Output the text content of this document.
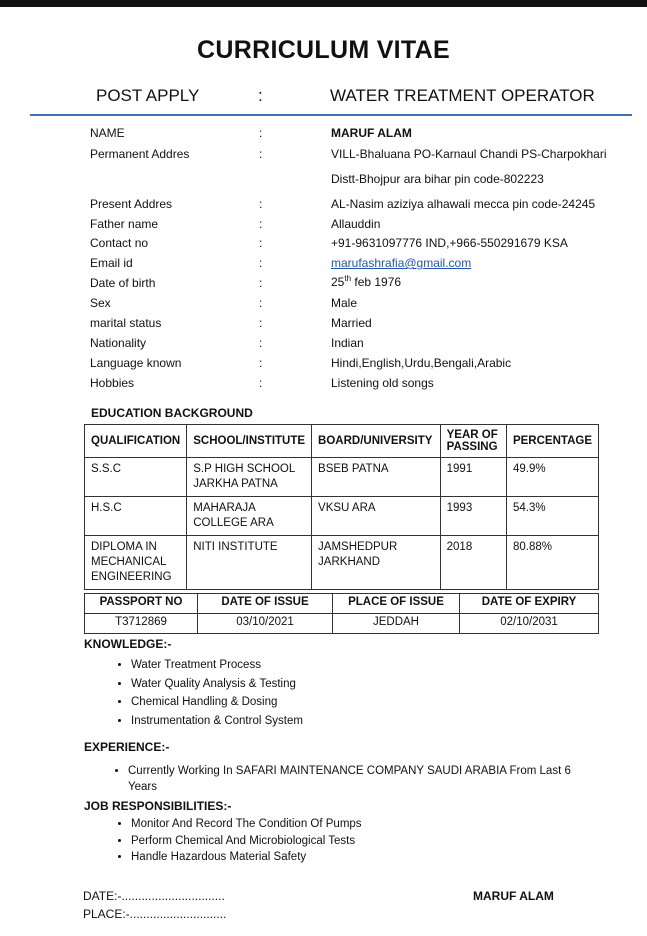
CURRICULUM VITAE
POST APPLY	:	WATER TREATMENT OPERATOR
NAME	:	MARUF ALAM
Permanent Addres	:	VILL-Bhaluana PO-Karnaul Chandi PS-Charpokhari
Distt-Bhojpur ara bihar pin code-802223
Present Addres	:	AL-Nasim aziziya alhawali mecca pin code-24245
Father name	:	Allauddin
Contact no	:	+91-9631097776 IND,+966-550291679 KSA
Email id	:	marufashrafia@gmail.com
Date of birth	:	25th feb 1976
Sex	:	Male
marital status	:	Married
Nationality	:	Indian
Language known	:	Hindi,English,Urdu,Bengali,Arabic
Hobbies	:	Listening old songs
EDUCATION BACKGROUND
QUALIFICATION	SCHOOL/INSTITUTE	BOARD/UNIVERSITY	YEAR OF PASSING	PERCENTAGE
S.S.C	S.P HIGH SCHOOL JARKHA PATNA	BSEB PATNA	1991	49.9%
H.S.C	MAHARAJA COLLEGE ARA	VKSU ARA	1993	54.3%
DIPLOMA IN MECHANICAL ENGINEERING	NITI INSTITUTE	JAMSHEDPUR JARKHAND	2018	80.88%
PASSPORT NO	DATE OF ISSUE	PLACE OF ISSUE	DATE OF EXPIRY
T3712869	03/10/2021	JEDDAH	02/10/2031
KNOWLEDGE:-
• Water Treatment Process
• Water Quality Analysis & Testing
• Chemical Handling & Dosing
• Instrumentation & Control System
EXPERIENCE:-
• Currently Working In SAFARI MAINTENANCE COMPANY SAUDI ARABIA From Last 6 Years
JOB RESPONSIBILITIES:-
• Monitor And Record The Condition Of Pumps
• Perform Chemical And Microbiological Tests
• Handle Hazardous Material Safety
DATE:-...............................
PLACE:-.............................
MARUF ALAM
